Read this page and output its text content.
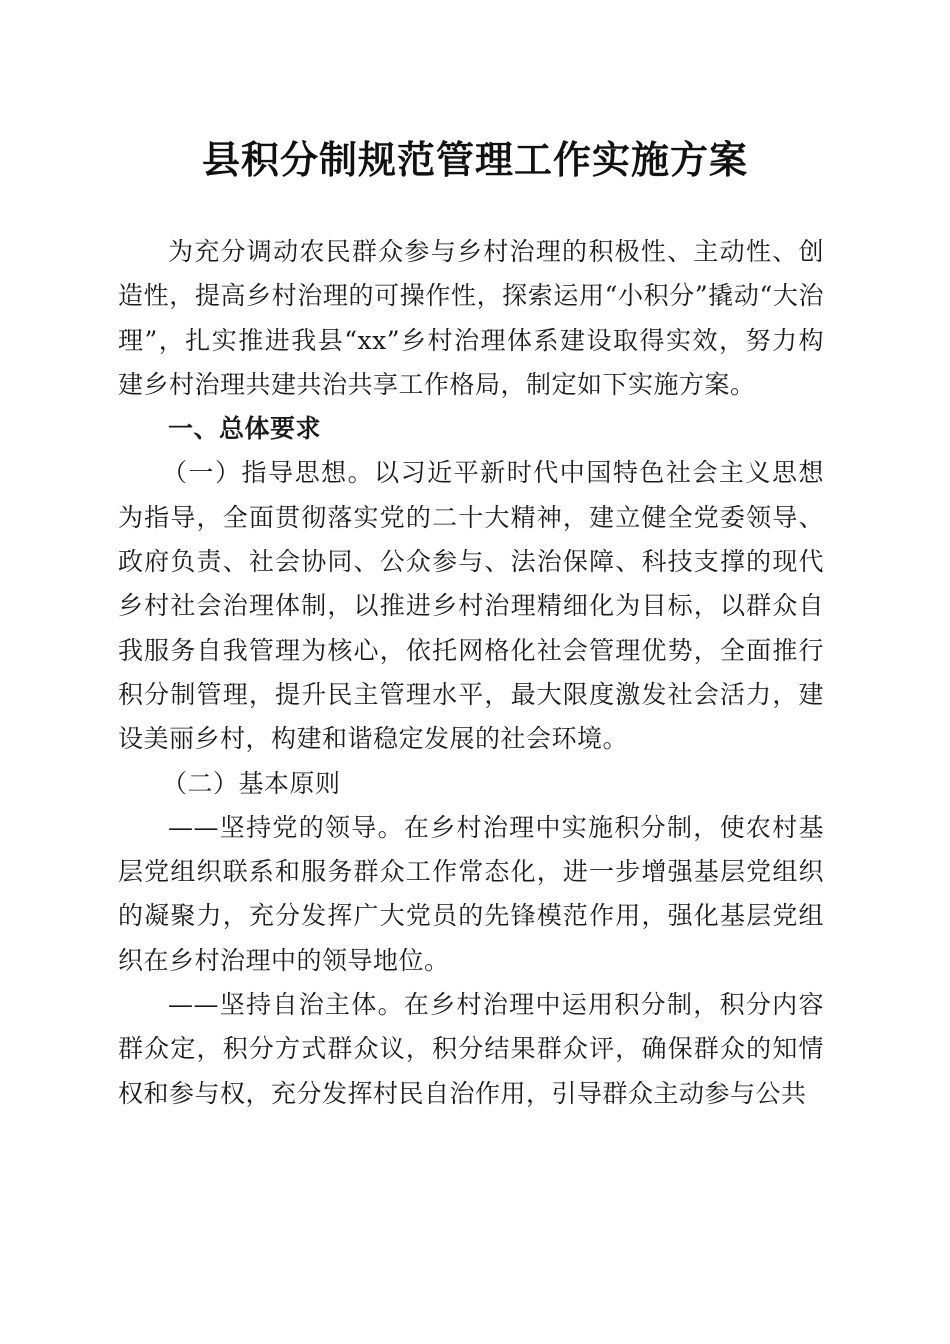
县积分制规范管理工作实施方案

为充分调动农民群众参与乡村治理的积极性、主动性、创造性，提高乡村治理的可操作性，探索运用“小积分”撬动“大治理”，扎实推进我县“xx”乡村治理体系建设取得实效，努力构建乡村治理共建共治共享工作格局，制定如下实施方案。

一、总体要求

（一）指导思想。以习近平新时代中国特色社会主义思想为指导，全面贯彻落实党的二十大精神，建立健全党委领导、政府负责、社会协同、公众参与、法治保障、科技支撑的现代乡村社会治理体制，以推进乡村治理精细化为目标，以群众自我服务自我管理为核心，依托网格化社会管理优势，全面推行积分制管理，提升民主管理水平，最大限度激发社会活力，建设美丽乡村，构建和谐稳定发展的社会环境。

（二）基本原则

——坚持党的领导。在乡村治理中实施积分制，使农村基层党组织联系和服务群众工作常态化，进一步增强基层党组织的凝聚力，充分发挥广大党员的先锋模范作用，强化基层党组织在乡村治理中的领导地位。

——坚持自治主体。在乡村治理中运用积分制，积分内容群众定，积分方式群众议，积分结果群众评，确保群众的知情权和参与权，充分发挥村民自治作用，引导群众主动参与公共
